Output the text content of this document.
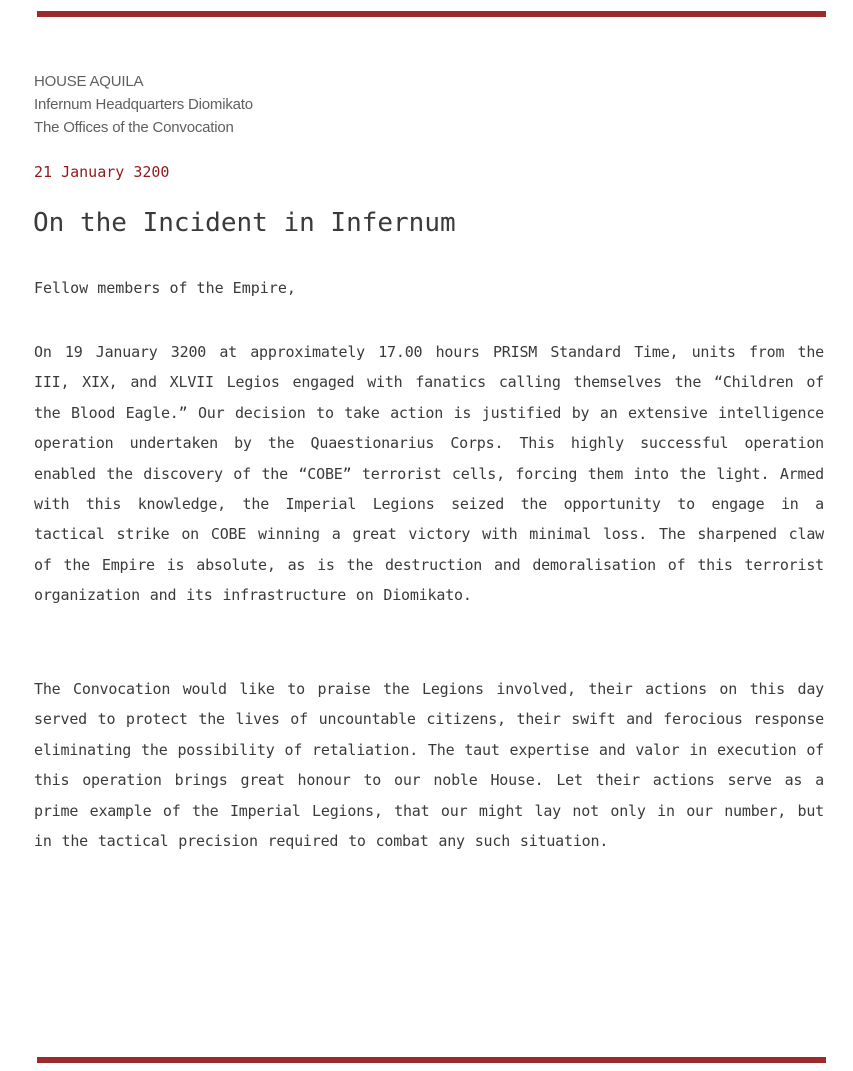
HOUSE AQUILA
Infernum Headquarters Diomikato
The Offices of the Convocation
21 January 3200
On the Incident in Infernum
Fellow members of the Empire,
On 19 January 3200 at approximately 17.00 hours PRISM Standard Time, units from the III, XIX, and XLVII Legios engaged with fanatics calling themselves the “Children of the Blood Eagle.” Our decision to take action is justified by an extensive intelligence operation undertaken by the Quaestionarius Corps. This highly successful operation enabled the discovery of the “COBE” terrorist cells, forcing them into the light. Armed with this knowledge, the Imperial Legions seized the opportunity to engage in a tactical strike on COBE winning a great victory with minimal loss. The sharpened claw of the Empire is absolute, as is the destruction and demoralisation of this terrorist organization and its infrastructure on Diomikato.
The Convocation would like to praise the Legions involved, their actions on this day served to protect the lives of uncountable citizens, their swift and ferocious response eliminating the possibility of retaliation. The taut expertise and valor in execution of this operation brings great honour to our noble House. Let their actions serve as a prime example of the Imperial Legions, that our might lay not only in our number, but in the tactical precision required to combat any such situation.
